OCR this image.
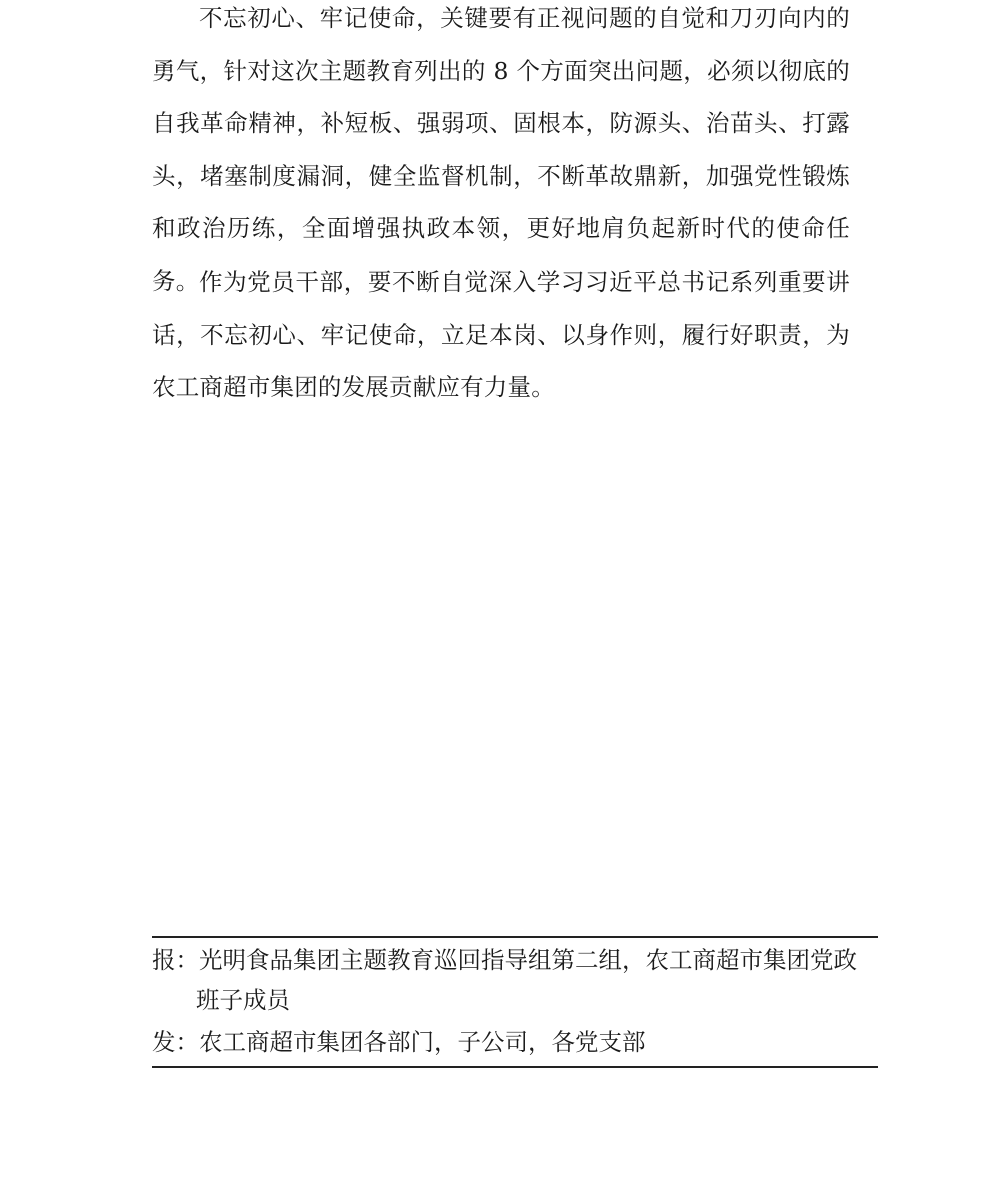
不忘初心、牢记使命，关键要有正视问题的自觉和刀刃向内的勇气，针对这次主题教育列出的 8 个方面突出问题，必须以彻底的自我革命精神，补短板、强弱项、固根本，防源头、治苗头、打露头，堵塞制度漏洞，健全监督机制，不断革故鼎新，加强党性锻炼和政治历练，全面增强执政本领，更好地肩负起新时代的使命任务。 作为党员干部，要不断自觉深入学习习近平总书记系列重要讲话，不忘初心、牢记使命，立足本岗、以身作则，履行好职责，为农工商超市集团的发展贡献应有力量。

报：光明食品集团主题教育巡回指导组第二组，农工商超市集团党政
班子成员
发：农工商超市集团各部门，子公司，各党支部
